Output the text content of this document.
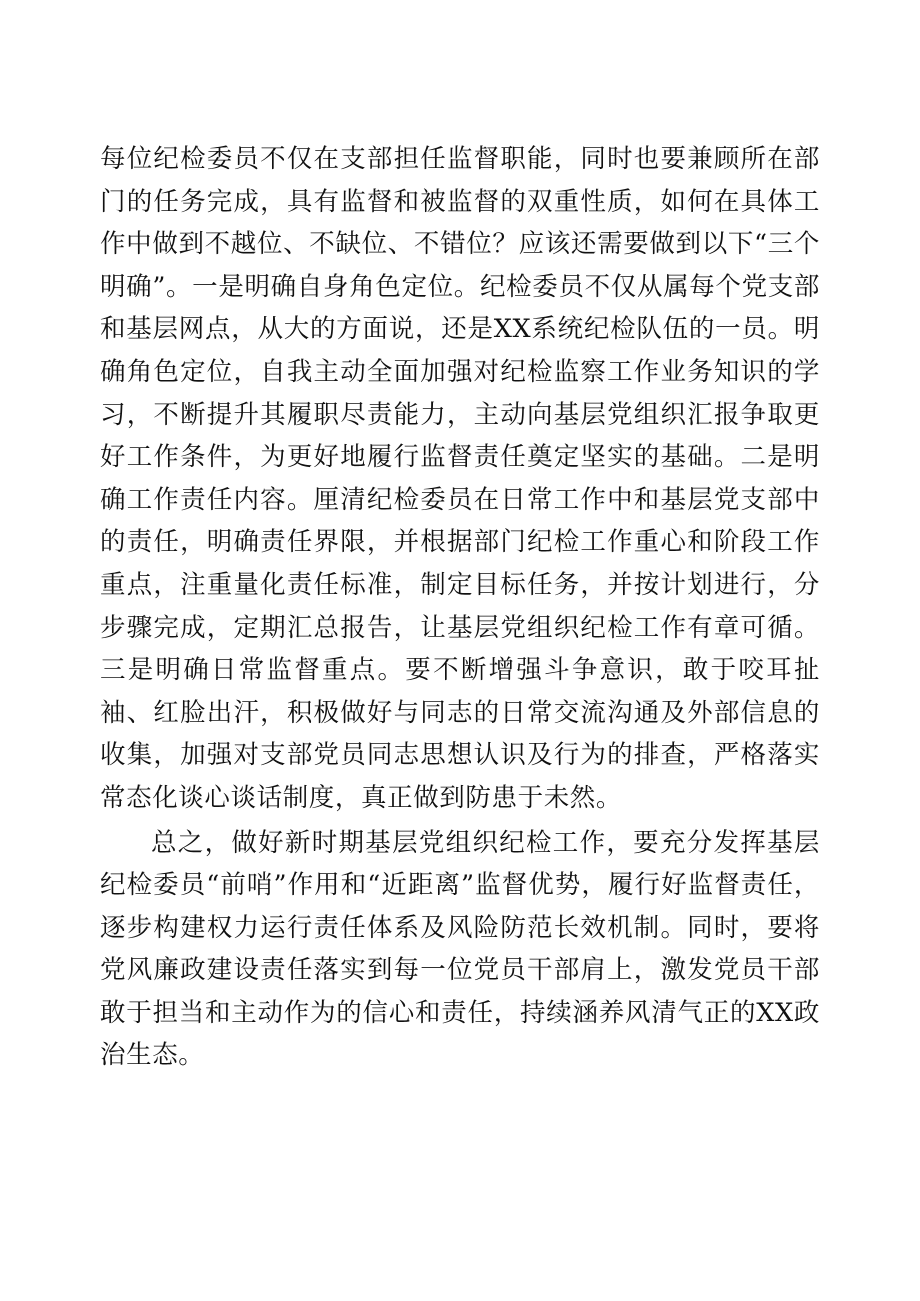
每位纪检委员不仅在支部担任监督职能，同时也要兼顾所在部门的任务完成，具有监督和被监督的双重性质，如何在具体工作中做到不越位、不缺位、不错位？应该还需要做到以下“三个明确”。一是明确自身角色定位。纪检委员不仅从属每个党支部和基层网点，从大的方面说，还是XX系统纪检队伍的一员。明确角色定位，自我主动全面加强对纪检监察工作业务知识的学习，不断提升其履职尽责能力，主动向基层党组织汇报争取更好工作条件，为更好地履行监督责任奠定坚实的基础。二是明确工作责任内容。厘清纪检委员在日常工作中和基层党支部中的责任，明确责任界限，并根据部门纪检工作重心和阶段工作重点，注重量化责任标准，制定目标任务，并按计划进行，分步骤完成，定期汇总报告，让基层党组织纪检工作有章可循。三是明确日常监督重点。要不断增强斗争意识，敢于咬耳扯袖、红脸出汗，积极做好与同志的日常交流沟通及外部信息的收集，加强对支部党员同志思想认识及行为的排查，严格落实常态化谈心谈话制度，真正做到防患于未然。

总之，做好新时期基层党组织纪检工作，要充分发挥基层纪检委员“前哨”作用和“近距离”监督优势，履行好监督责任，逐步构建权力运行责任体系及风险防范长效机制。同时，要将党风廉政建设责任落实到每一位党员干部肩上，激发党员干部敢于担当和主动作为的信心和责任，持续涵养风清气正的XX政治生态。
